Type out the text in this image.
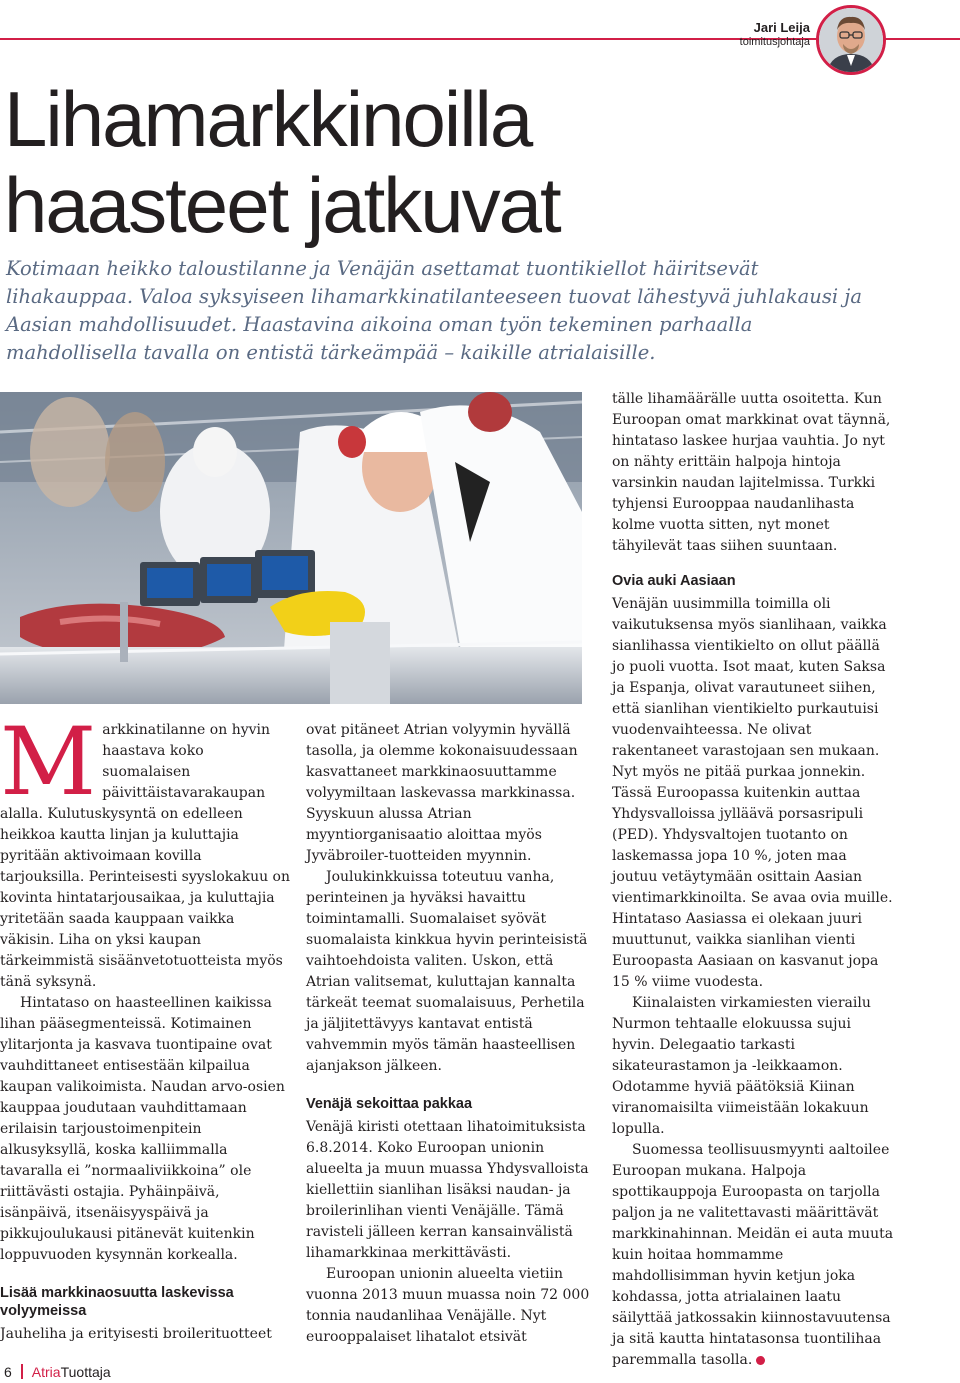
Jari Leija
toimitusjohtaja
Lihamarkkinoilla
haasteet jatkuvat

Kotimaan heikko taloustilanne ja Venäjän asettamat tuontikiellot häiritsevät lihakauppaa. Valoa syksyiseen lihamarkkinatilanteeseen tuovat lähestyvä juhlakausi ja Aasian mahdollisuudet. Haastavina aikoina oman työn tekeminen parhaalla mahdollisella tavalla on entistä tärkeämpää – kaikille atrialaisille.

Markkinatilanne on hyvin haastava koko suomalaisen päivittäistavarakaupan alalla. Kulutuskysyntä on edelleen heikkoa kautta linjan ja kuluttajia pyritään aktivoimaan kovilla tarjouksilla. Perinteisesti syyslokakuu on kovinta hintatarjousaikaa, ja kuluttajia yritetään saada kauppaan vaikka väkisin. Liha on yksi kaupan tärkeimmistä sisäänvetotuotteista myös tänä syksynä.

Hintataso on haasteellinen kaikissa lihan pääsegmenteissä. Kotimainen ylitarjonta ja kasvava tuontipaine ovat vauhdittaneet entisestään kilpailua kaupan valikoimista. Naudan arvo-osien kauppaa joudutaan vauhdittamaan erilaisin tarjoustoimenpitein alkusyksyllä, koska kalliimmalla tavaralla ei ”normaaliviikkoina” ole riittävästi ostajia. Pyhäinpäivä, isänpäivä, itsenäisyyspäivä ja pikkujoulukausi pitänevät kuitenkin loppuvuoden kysynnän korkealla.

Lisää markkinaosuutta laskevissa volyymeissa

Jauheliha ja erityisesti broilerituotteet

ovat pitäneet Atrian volyymin hyvällä tasolla, ja olemme kokonaisuudessaan kasvattaneet markkinaosuuttamme volyymiltaan laskevassa markkinassa. Syyskuun alussa Atrian myyntiorganisaatio aloittaa myös Jyväbroiler-tuotteiden myynnin.

Joulukinkkuissa toteutuu vanha, perinteinen ja hyväksi havaittu toimintamalli. Suomalaiset syövät suomalaista kinkkua hyvin perinteisistä vaihtoehdoista valiten. Uskon, että Atrian valitsemat, kuluttajan kannalta tärkeät teemat suomalaisuus, Perhetila ja jäljitettävyys kantavat entistä vahvemmin myös tämän haasteellisen ajanjakson jälkeen.

Venäjä sekoittaa pakkaa

Venäjä kiristi otettaan lihatoimituksista 6.8.2014. Koko Euroopan unionin alueelta ja muun muassa Yhdysvalloista kiellettiin sianlihan lisäksi naudan- ja broilerinlihan vienti Venäjälle. Tämä ravisteli jälleen kerran kansainvälistä lihamarkkinaa merkittävästi.

Euroopan unionin alueelta vietiin vuonna 2013 muun muassa noin 72 000 tonnia naudanlihaa Venäjälle. Nyt eurooppalaiset lihatalot etsivät

tälle lihamäärälle uutta osoitetta. Kun Euroopan omat markkinat ovat täynnä, hintataso laskee hurjaa vauhtia. Jo nyt on nähty erittäin halpoja hintoja varsinkin naudan lajitelmissa. Turkki tyhjensi Eurooppaa naudanlihasta kolme vuotta sitten, nyt monet tähyilevät taas siihen suuntaan.

Ovia auki Aasiaan

Venäjän uusimmilla toimilla oli vaikutuksensa myös sianlihaan, vaikka sianlihassa vientikielto on ollut päällä jo puoli vuotta. Isot maat, kuten Saksa ja Espanja, olivat varautuneet siihen, että sianlihan vientikielto purkautuisi vuodenvaihteessa. Ne olivat rakentaneet varastojaan sen mukaan. Nyt myös ne pitää purkaa jonnekin. Tässä Euroopassa kuitenkin auttaa Yhdysvalloissa jylläävä porsasripuli (PED). Yhdysvaltojen tuotanto on laskemassa jopa 10 %, joten maa joutuu vetäytymään osittain Aasian vientimarkkinoilta. Se avaa ovia muille. Hintataso Aasiassa ei olekaan juuri muuttunut, vaikka sianlihan vienti Euroopasta Aasiaan on kasvanut jopa 15 % viime vuodesta.

Kiinalaisten virkamiesten vierailu Nurmon tehtaalle elokuussa sujui hyvin. Delegaatio tarkasti sikateurastamon ja -leikkaamon. Odotamme hyviä päätöksiä Kiinan viranomaisilta viimeistään lokakuun lopulla.

Suomessa teollisuusmyynti aaltoilee Euroopan mukana. Halpoja spottikauppoja Euroopasta on tarjolla paljon ja ne valitettavasti määrittävät markkinahinnan. Meidän ei auta muuta kuin hoitaa hommamme mahdollisimman hyvin ketjun joka kohdassa, jotta atrialainen laatu säilyttää jatkossakin kiinnostavuutensa ja sitä kautta hintatasonsa tuontilihaa paremmalla tasolla.

6 AtriaTuottaja
